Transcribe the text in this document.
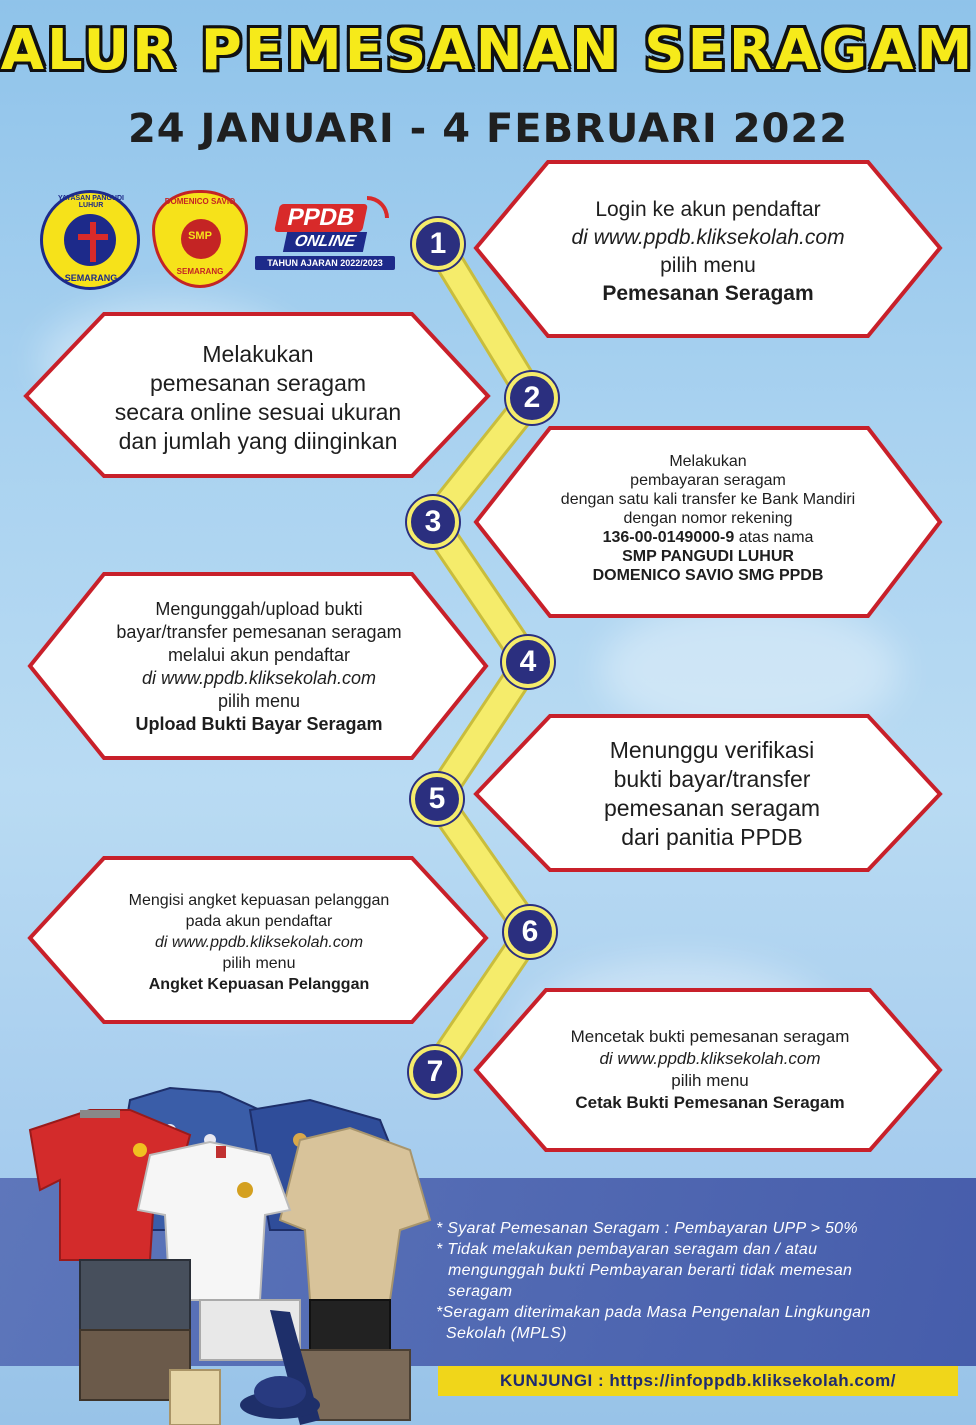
ALUR PEMESANAN SERAGAM
24 JANUARI - 4 FEBRUARI 2022
YAYASAN PANGUDI LUHUR
SEMARANG
DOMENICO SAVIO
SMP
SEMARANG
PPDB
ONLINE
TAHUN AJARAN 2022/2023
1
2
3
4
5
6
7
Login ke akun pendaftar
di www.ppdb.kliksekolah.com
pilih menu
Pemesanan Seragam
Melakukan
pemesanan seragam
secara online sesuai ukuran
dan jumlah yang diinginkan
Melakukan
pembayaran seragam
dengan satu kali transfer ke Bank Mandiri
dengan nomor rekening
136-00-0149000-9 atas nama
SMP PANGUDI LUHUR
DOMENICO SAVIO SMG PPDB
Mengunggah/upload bukti
bayar/transfer pemesanan seragam
melalui akun pendaftar
di www.ppdb.kliksekolah.com
pilih menu
Upload Bukti Bayar Seragam
Menunggu verifikasi
bukti bayar/transfer
pemesanan seragam
dari panitia PPDB
Mengisi angket kepuasan pelanggan
pada akun pendaftar
di www.ppdb.kliksekolah.com
pilih menu
Angket Kepuasan Pelanggan
Mencetak bukti pemesanan seragam
di www.ppdb.kliksekolah.com
pilih menu
Cetak Bukti Pemesanan Seragam
* Syarat Pemesanan Seragam : Pembayaran UPP > 50%
* Tidak melakukan pembayaran seragam dan / atau
mengunggah bukti Pembayaran berarti tidak memesan
seragam
*Seragam diterimakan pada Masa Pengenalan Lingkungan
Sekolah (MPLS)
KUNJUNGI : https://infoppdb.kliksekolah.com/
